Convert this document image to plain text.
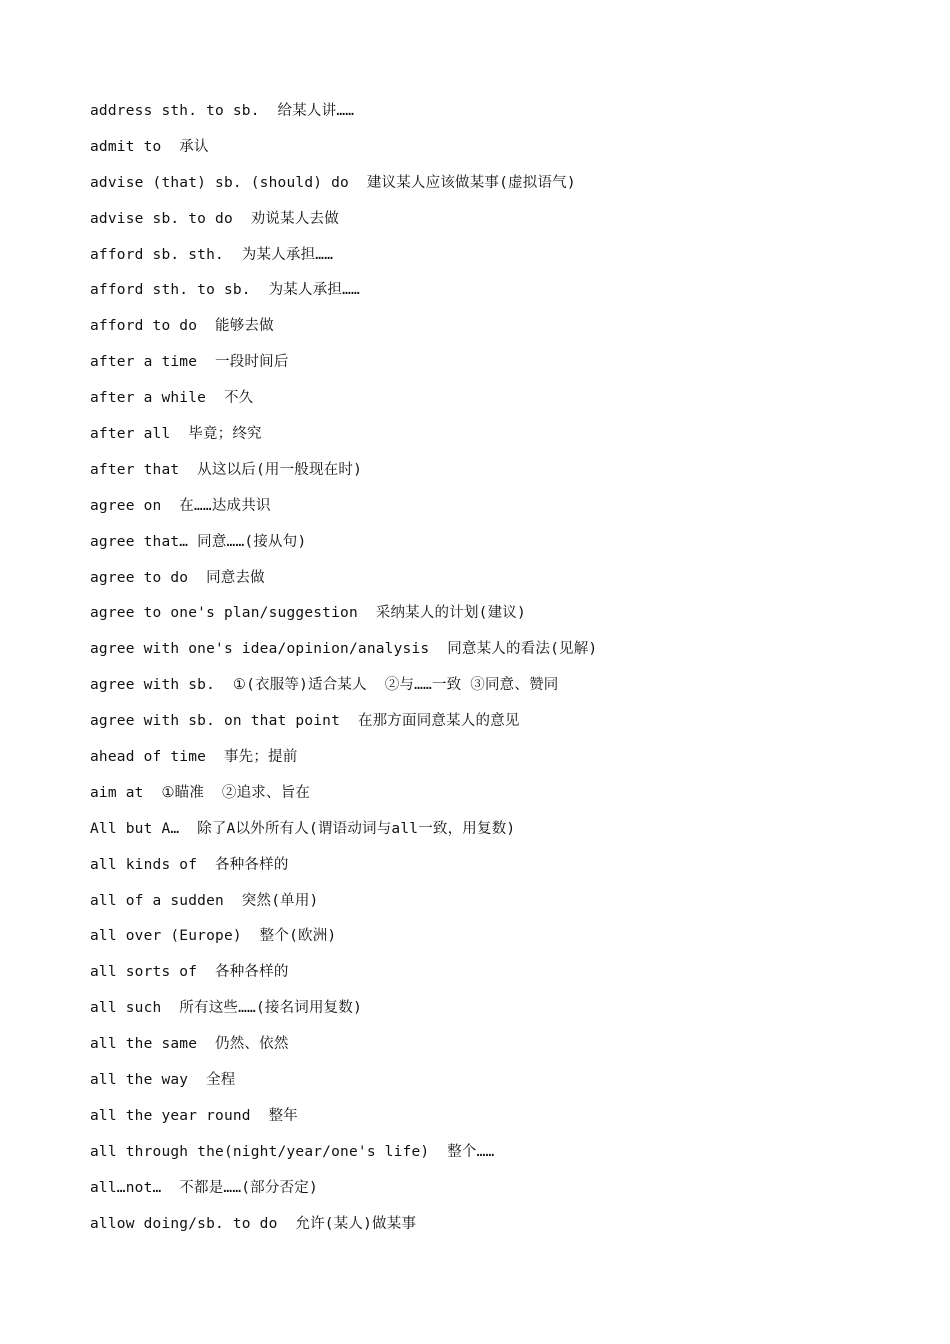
address sth. to sb.  给某人讲……
admit to  承认
advise (that) sb. (should) do  建议某人应该做某事(虚拟语气)
advise sb. to do  劝说某人去做
afford sb. sth.  为某人承担……
afford sth. to sb.  为某人承担……
afford to do  能够去做
after a time  一段时间后
after a while  不久
after all  毕竟；终究
after that  从这以后(用一般现在时)
agree on  在……达成共识
agree that… 同意……(接从句)
agree to do  同意去做
agree to one's plan/suggestion  采纳某人的计划(建议)
agree with one's idea/opinion/analysis  同意某人的看法(见解)
agree with sb.  ①(衣服等)适合某人  ②与……一致 ③同意、赞同
agree with sb. on that point  在那方面同意某人的意见
ahead of time  事先；提前
aim at  ①瞄准  ②追求、旨在
All but A…  除了A以外所有人(谓语动词与all一致，用复数)
all kinds of  各种各样的
all of a sudden  突然(单用)
all over (Europe)  整个(欧洲)
all sorts of  各种各样的
all such  所有这些……(接名词用复数)
all the same  仍然、依然
all the way  全程
all the year round  整年
all through the(night/year/one's life)  整个……
all…not…  不都是……(部分否定)
allow doing/sb. to do  允许(某人)做某事
